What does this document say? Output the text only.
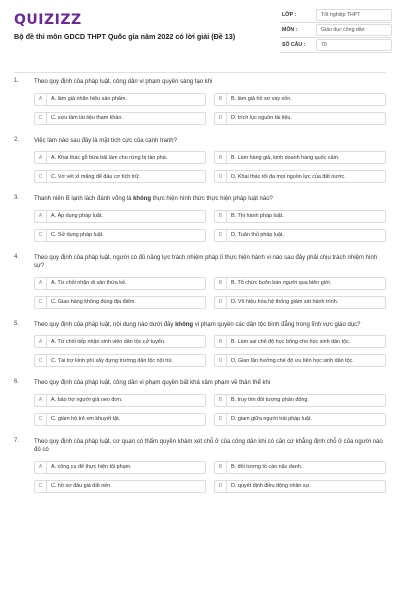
QUIZIZZ
Bộ đề thi môn GDCD THPT Quốc gia năm 2022 có lời giải (Đề 13)
LỚP :	Tốt nghiệp THPT
MÔN :	Giáo dục công dân
SỐ CÂU :	70
1. Theo quy định của pháp luật, công dân vi phạm quyền sáng tạo khi
A	A. làm giả nhãn hiệu sản phẩm.	B	B. làm giả hồ sơ vay vốn.
C	C. sưu tầm tài liệu tham khảo.	D	D. trích lục nguồn tài liệu.
2. Việc làm nào sau đây là mặt tích cực của cạnh tranh?
A	A. Khai thác gỗ bừa bãi làm cho rừng bị tàn phá.	B	B. Làm hàng giả, kinh doanh hàng quốc cấm.
C	C. Vơ vét xì măng để đầu cơ tích trữ.	D	D. Khai thác tối đa mọi nguồn lực của đất nước.
3. Thanh niên B lạnh lách đánh võng là không thực hiện hình thức thực hiện pháp luật nào?
A	A. Áp dụng pháp luật.	B	B. Thi hành pháp luật.
C	C. Sử dụng pháp luật.	D	D. Tuân thủ pháp luật.
4. Theo quy định của pháp luật, người có đủ năng lực trách nhiệm pháp lí thực hiện hành vi nào sau đây phải chịu trách nhiệm hình sự?
A	A. Từ chối nhận di sản thừa kế.	B	B. Tổ chức buôn bán người qua biên giới.
C	C. Giao hàng không đúng địa điểm.	D	D. Vô hiệu hóa hệ thống giám sát hành trình.
5. Theo quy định của pháp luật, nội dung nào dưới đây không vi phạm quyền các dân tộc bình đẳng trong lĩnh vực giáo dục?
A	A. Từ chối tiếp nhận sinh viên dân tộc cử tuyển.	B	B. Làm sai chế độ học bổng cho học sinh dân tộc.
C	C. Tài trợ kinh phí xây dựng trường dân tộc nội trú.	D	D. Gian lận hưởng chế độ ưu tiên học sinh dân tộc.
6. Theo quy định của pháp luật, công dân vi phạm quyền bất khả xâm phạm về thân thể khi
A	A. bảo trợ người già neo đơn.	B	B. truy tìm đối tượng phản động.
C	C. giám hộ trẻ em khuyết tật.	D	D. giam giữa người trái pháp luật.
7. Theo quy định của pháp luật, cơ quan có thẩm quyền khám xét chỗ ở của công dân khi có căn cứ khẳng định chỗ ở của người nào đó có
A	A. công cụ để thực hiện tội phạm.	B	B. đối tượng tố cáo nặc danh.
C	C. hồ sơ đấu giá đất nền.	D	D. quyết định điều động nhân sự.
